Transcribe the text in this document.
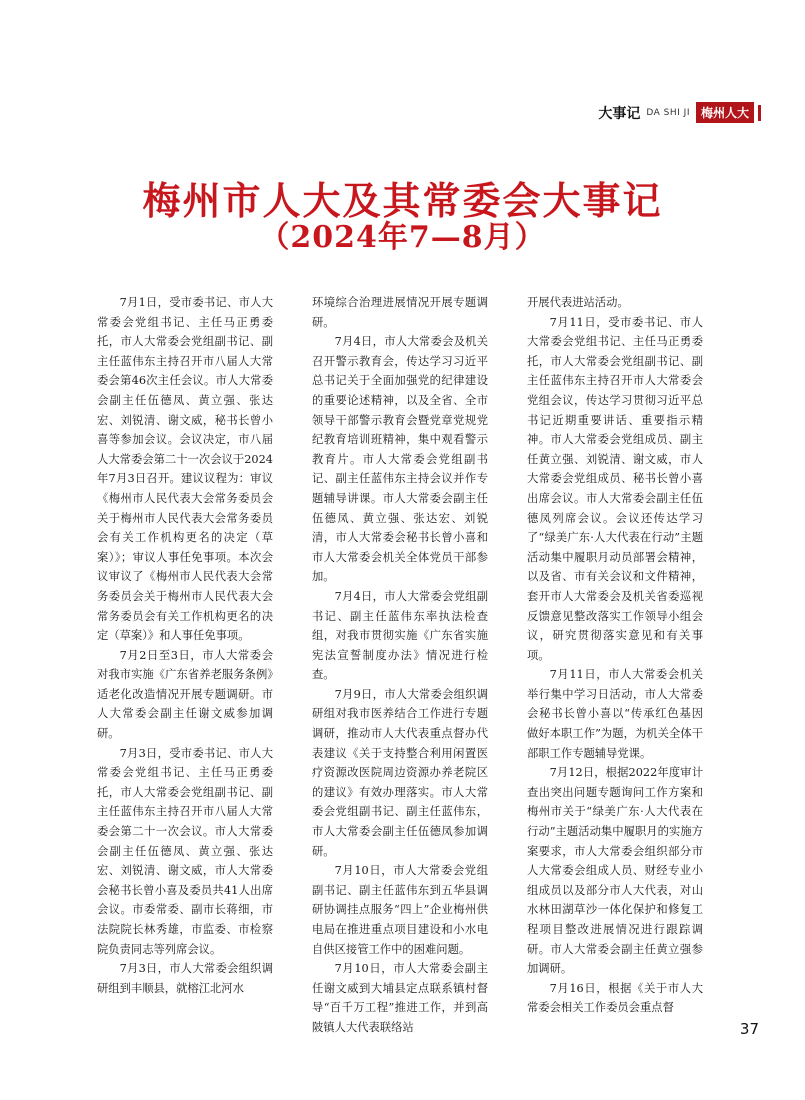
大事记 DA SHI JI 梅州人大
梅州市人大及其常委会大事记
（2024年7—8月）

7月1日，受市委书记、市人大常委会党组书记、主任马正勇委托，市人大常委会党组副书记、副主任蓝伟东主持召开市八届人大常委会第46次主任会议。市人大常委会副主任伍德凤、黄立强、张达宏、刘锐清、谢文威，秘书长曾小喜等参加会议。会议决定，市八届人大常委会第二十一次会议于2024年7月3日召开。建议议程为：审议《梅州市人民代表大会常务委员会关于梅州市人民代表大会常务委员会有关工作机构更名的决定（草案）》；审议人事任免事项。本次会议审议了《梅州市人民代表大会常务委员会关于梅州市人民代表大会常务委员会有关工作机构更名的决定（草案）》和人事任免事项。

7月2日至3日，市人大常委会对我市实施《广东省养老服务条例》适老化改造情况开展专题调研。市人大常委会副主任谢文威参加调研。

7月3日，受市委书记、市人大常委会党组书记、主任马正勇委托，市人大常委会党组副书记、副主任蓝伟东主持召开市八届人大常委会第二十一次会议。市人大常委会副主任伍德凤、黄立强、张达宏、刘锐清、谢文威，市人大常委会秘书长曾小喜及委员共41人出席会议。市委常委、副市长蒋细，市法院院长林秀雄，市监委、市检察院负责同志等列席会议。

7月3日，市人大常委会组织调研组到丰顺县，就榕江北河水

环境综合治理进展情况开展专题调研。

7月4日，市人大常委会及机关召开警示教育会，传达学习习近平总书记关于全面加强党的纪律建设的重要论述精神，以及全省、全市领导干部警示教育会暨党章党规党纪教育培训班精神，集中观看警示教育片。市人大常委会党组副书记、副主任蓝伟东主持会议并作专题辅导讲课。市人大常委会副主任伍德凤、黄立强、张达宏、刘锐清，市人大常委会秘书长曾小喜和市人大常委会机关全体党员干部参加。

7月4日，市人大常委会党组副书记、副主任蓝伟东率执法检查组，对我市贯彻实施《广东省实施宪法宣誓制度办法》情况进行检查。

7月9日，市人大常委会组织调研组对我市医养结合工作进行专题调研，推动市人大代表重点督办代表建议《关于支持整合利用闲置医疗资源改医院周边资源办养老院区的建议》有效办理落实。市人大常委会党组副书记、副主任蓝伟东，市人大常委会副主任伍德凤参加调研。

7月10日，市人大常委会党组副书记、副主任蓝伟东到五华县调研协调挂点服务“四上”企业梅州供电局在推进重点项目建设和小水电自供区接管工作中的困难问题。

7月10日，市人大常委会副主任谢文威到大埔县定点联系镇村督导“百千万工程”推进工作，并到高陂镇人大代表联络站

开展代表进站活动。

7月11日，受市委书记、市人大常委会党组书记、主任马正勇委托，市人大常委会党组副书记、副主任蓝伟东主持召开市人大常委会党组会议，传达学习贯彻习近平总书记近期重要讲话、重要指示精神。市人大常委会党组成员、副主任黄立强、刘锐清、谢文威，市人大常委会党组成员、秘书长曾小喜出席会议。市人大常委会副主任伍德凤列席会议。会议还传达学习了“绿美广东·人大代表在行动”主题活动集中履职月动员部署会精神，以及省、市有关会议和文件精神，套开市人大常委会及机关省委巡视反馈意见整改落实工作领导小组会议，研究贯彻落实意见和有关事项。

7月11日，市人大常委会机关举行集中学习日活动，市人大常委会秘书长曾小喜以“传承红色基因 做好本职工作”为题，为机关全体干部职工作专题辅导党课。

7月12日，根据2022年度审计查出突出问题专题询问工作方案和梅州市关于“绿美广东·人大代表在行动”主题活动集中履职月的实施方案要求，市人大常委会组织部分市人大常委会组成人员、财经专业小组成员以及部分市人大代表，对山水林田湖草沙一体化保护和修复工程项目整改进展情况进行跟踪调研。市人大常委会副主任黄立强参加调研。

7月16日，根据《关于市人大常委会相关工作委员会重点督

37
